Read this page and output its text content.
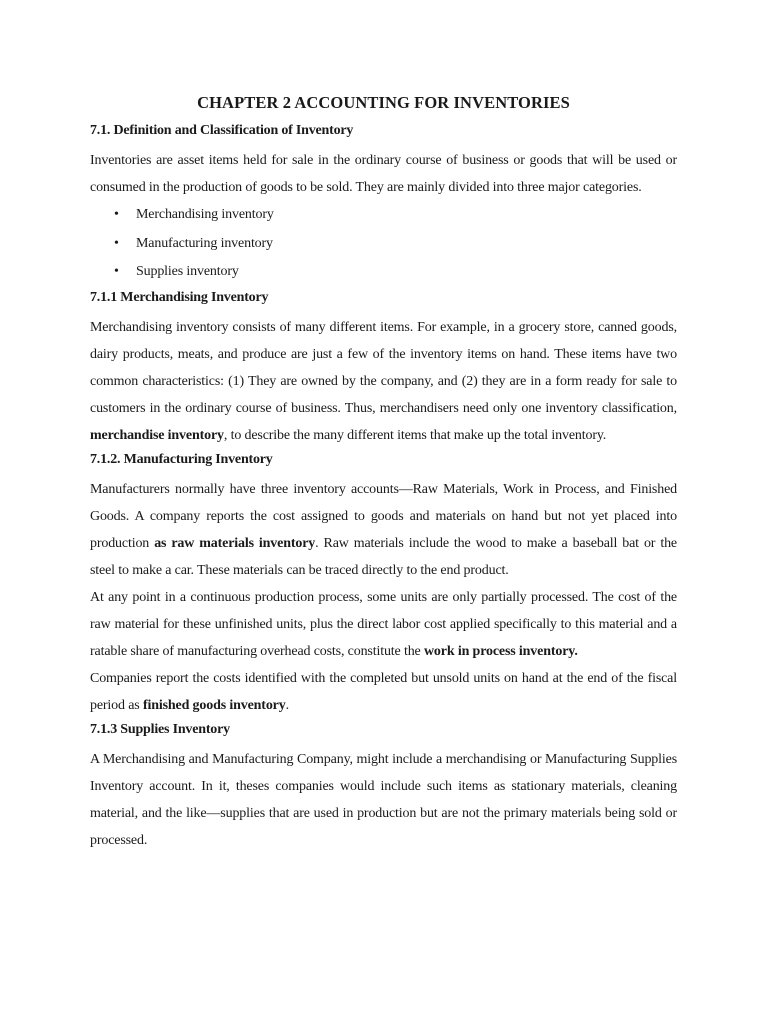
CHAPTER 2 ACCOUNTING FOR INVENTORIES
7.1. Definition and Classification of Inventory

Inventories are asset items held for sale in the ordinary course of business or goods that will be used or consumed in the production of goods to be sold. They are mainly divided into three major categories.

• Merchandising inventory
• Manufacturing inventory
• Supplies inventory
7.1.1 Merchandising Inventory

Merchandising inventory consists of many different items. For example, in a grocery store, canned goods, dairy products, meats, and produce are just a few of the inventory items on hand. These items have two common characteristics: (1) They are owned by the company, and (2) they are in a form ready for sale to customers in the ordinary course of business. Thus, merchandisers need only one inventory classification, merchandise inventory, to describe the many different items that make up the total inventory.

7.1.2. Manufacturing Inventory

Manufacturers normally have three inventory accounts—Raw Materials, Work in Process, and Finished Goods. A company reports the cost assigned to goods and materials on hand but not yet placed into production as raw materials inventory. Raw materials include the wood to make a baseball bat or the steel to make a car. These materials can be traced directly to the end product.

At any point in a continuous production process, some units are only partially processed. The cost of the raw material for these unfinished units, plus the direct labor cost applied specifically to this material and a ratable share of manufacturing overhead costs, constitute the work in process inventory.

Companies report the costs identified with the completed but unsold units on hand at the end of the fiscal period as finished goods inventory.

7.1.3 Supplies Inventory

A Merchandising and Manufacturing Company, might include a merchandising or Manufacturing Supplies Inventory account. In it, theses companies would include such items as stationary materials, cleaning material, and the like—supplies that are used in production but are not the primary materials being sold or processed.
